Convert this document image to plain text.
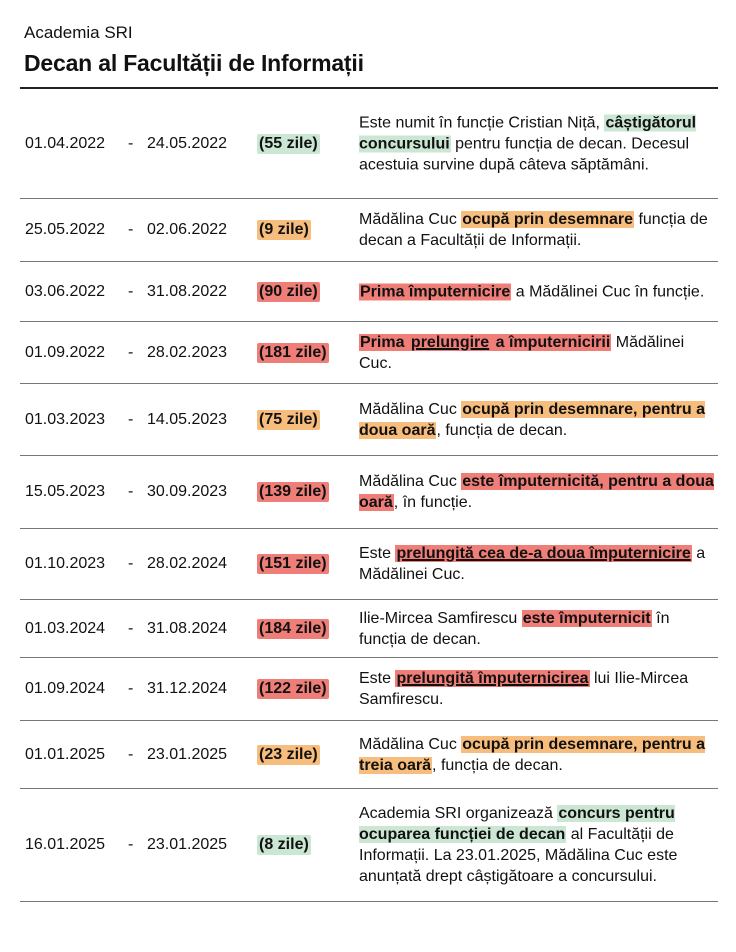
Academia SRI
Decan al Facultății de Informații
01.04.2022 - 24.05.2022 (55 zile)
Este numit în funcție Cristian Niță, câștigătorul concursului pentru funcția de decan. Decesul acestuia survine după câteva săptămâni.
25.05.2022 - 02.06.2022 (9 zile)
Mădălina Cuc ocupă prin desemnare funcția de decan a Facultății de Informații.
03.06.2022 - 31.08.2022 (90 zile)	Prima împuternicire a Mădălinei Cuc în funcție.
01.09.2022 - 28.02.2023 (181 zile)
Prima prelungire a împuternicirii Mădălinei Cuc.
01.03.2023 - 14.05.2023 (75 zile)
Mădălina Cuc ocupă prin desemnare, pentru a doua oară, funcția de decan.
15.05.2023 - 30.09.2023 (139 zile)
Mădălina Cuc este împuternicită, pentru a doua oară, în funcție.
01.10.2023 - 28.02.2024 (151 zile)
Este prelungită cea de-a doua împuternicire a Mădălinei Cuc.
01.03.2024 - 31.08.2024 (184 zile)
Ilie-Mircea Samfirescu este împuternicit în funcția de decan.
01.09.2024 - 31.12.2024 (122 zile)
Este prelungită împuternicirea lui Ilie-Mircea Samfirescu.
01.01.2025 - 23.01.2025 (23 zile)
Mădălina Cuc ocupă prin desemnare, pentru a treia oară, funcția de decan.
16.01.2025 - 23.01.2025 (8 zile)
Academia SRI organizează concurs pentru ocuparea funcției de decan al Facultății de Informații. La 23.01.2025, Mădălina Cuc este anunțată drept câștigătoare a concursului.
